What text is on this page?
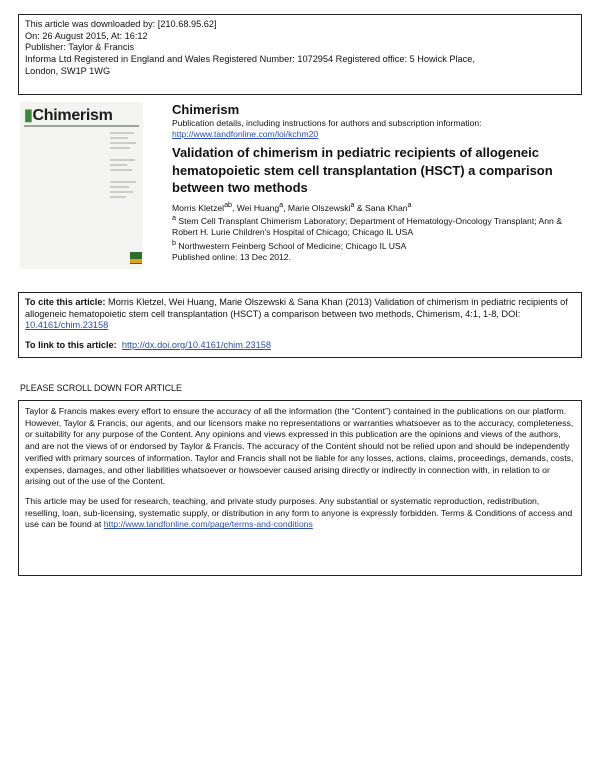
This article was downloaded by: [210.68.95.62]
On: 26 August 2015, At: 16:12
Publisher: Taylor & Francis
Informa Ltd Registered in England and Wales Registered Number: 1072954 Registered office: 5 Howick Place,
London, SW1P 1WG
▮Chimerism	Chimerism
Publication details, including instructions for authors and subscription information:
http://www.tandfonline.com/loi/kchm20
Validation of chimerism in pediatric recipients of allogeneic hematopoietic stem cell transplantation (HSCT) a comparison between two methods
Morris Kletzel$^{ab}$, Wei Huang$^a$, Marie Olszewski$^a$ & Sana Khan$^a$
$^a$ Stem Cell Transplant Chimerism Laboratory; Department of Hematology-Oncology Transplant; Ann & Robert H. Lurie Children's Hospital of Chicago; Chicago IL USA
$^b$ Northwestern Feinberg School of Medicine; Chicago IL USA
Published online: 13 Dec 2012.
To cite this article: Morris Kletzel, Wei Huang, Marie Olszewski & Sana Khan (2013) Validation of chimerism in pediatric recipients of allogeneic hematopoietic stem cell transplantation (HSCT) a comparison between two methods, Chimerism, 4:1, 1-8, DOI: 10.4161/chim.23158
To link to this article: http://dx.doi.org/10.4161/chim.23158
PLEASE SCROLL DOWN FOR ARTICLE

Taylor & Francis makes every effort to ensure the accuracy of all the information (the “Content”) contained in the publications on our platform. However, Taylor & Francis, our agents, and our licensors make no representations or warranties whatsoever as to the accuracy, completeness, or suitability for any purpose of the Content. Any opinions and views expressed in this publication are the opinions and views of the authors, and are not the views of or endorsed by Taylor & Francis. The accuracy of the Content should not be relied upon and should be independently verified with primary sources of information. Taylor and Francis shall not be liable for any losses, actions, claims, proceedings, demands, costs, expenses, damages, and other liabilities whatsoever or howsoever caused arising directly or indirectly in connection with, in relation to or arising out of the use of the Content.

This article may be used for research, teaching, and private study purposes. Any substantial or systematic reproduction, redistribution, reselling, loan, sub-licensing, systematic supply, or distribution in any form to anyone is expressly forbidden. Terms & Conditions of access and use can be found at http://www.tandfonline.com/page/terms-and-conditions
